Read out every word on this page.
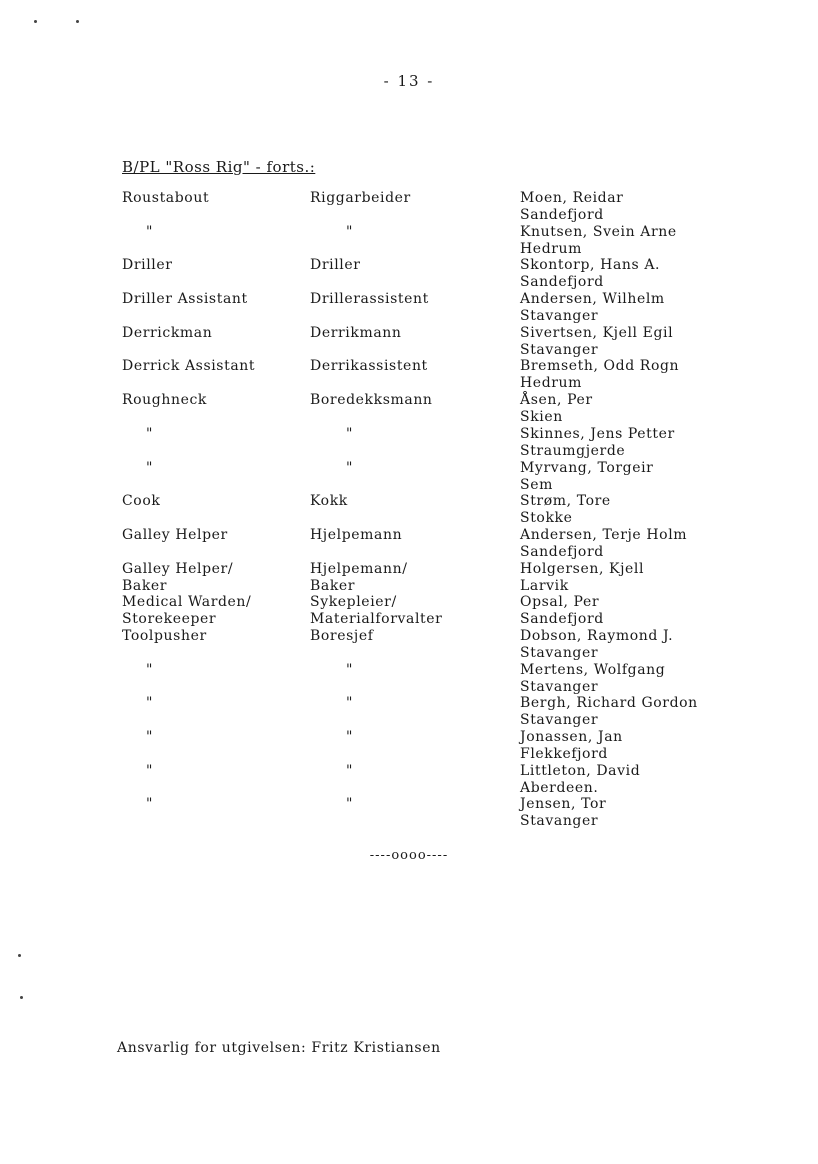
- 13 -
B/PL "Ross Rig" - forts.:
Roustabout	Riggarbeider	Moen, Reidar
Sandefjord
"	"	Knutsen, Svein Arne
Hedrum
Driller	Driller	Skontorp, Hans A.
Sandefjord
Driller Assistant	Drillerassistent	Andersen, Wilhelm
Stavanger
Derrickman	Derrikmann	Sivertsen, Kjell Egil
Stavanger
Derrick Assistant	Derrikassistent	Bremseth, Odd Rogn
Hedrum
Roughneck	Boredekksmann	Åsen, Per
Skien
"	"	Skinnes, Jens Petter
Straumgjerde
"	"	Myrvang, Torgeir
Sem
Cook	Kokk	Strøm, Tore
Stokke
Galley Helper	Hjelpemann	Andersen, Terje Holm
Sandefjord
Galley Helper/	Hjelpemann/	Holgersen, Kjell
Baker	Baker	Larvik
Medical Warden/	Sykepleier/	Opsal, Per
Storekeeper	Materialforvalter	Sandefjord
Toolpusher	Boresjef	Dobson, Raymond J.
Stavanger
"	"	Mertens, Wolfgang
Stavanger
"	"	Bergh, Richard Gordon
Stavanger
"	"	Jonassen, Jan
Flekkefjord
"	"	Littleton, David
Aberdeen.
"	"	Jensen, Tor
Stavanger
----oooo----
Ansvarlig for utgivelsen: Fritz Kristiansen
